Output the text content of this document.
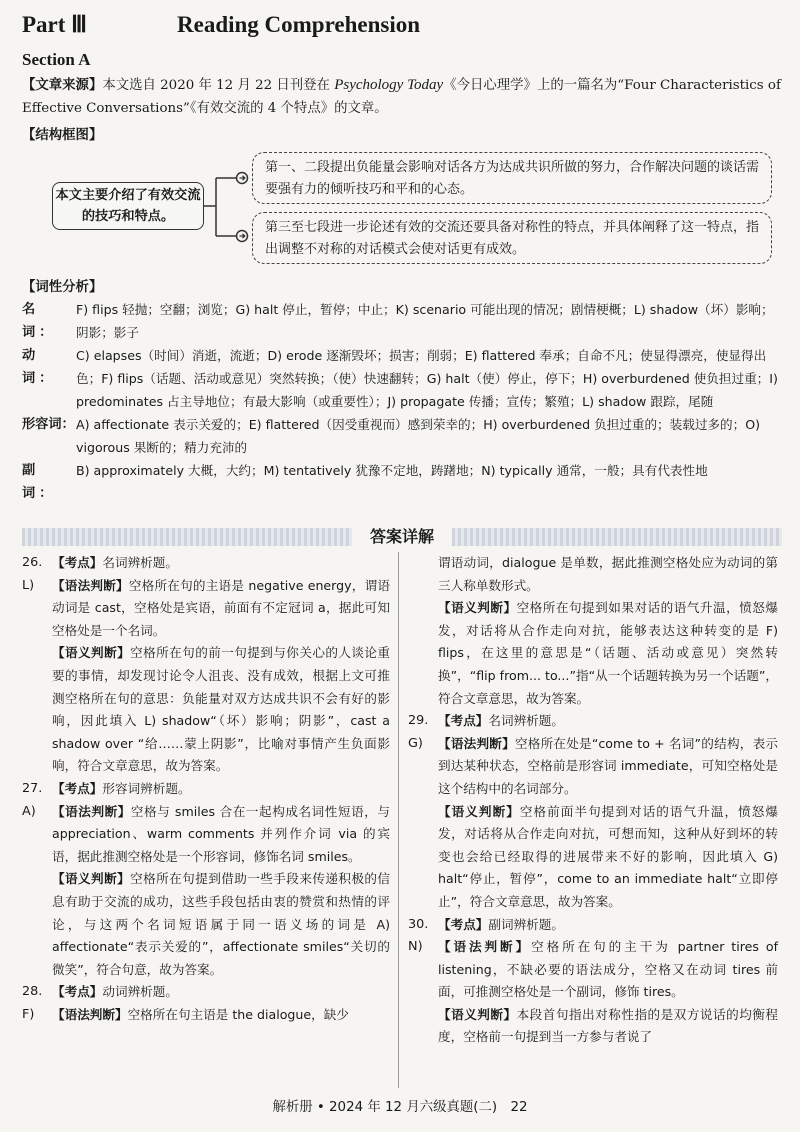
Part Ⅲ	Reading Comprehension
Section A
【文章来源】本文选自 2020 年 12 月 22 日刊登在 Psychology Today《今日心理学》上的一篇名为“Four Characteristics of Effective Conversations”《有效交流的 4 个特点》的文章。
【结构框图】
本文主要介绍了有效交流的技巧和特点。
第一、二段提出负能量会影响对话各方为达成共识所做的努力，合作解决问题的谈话需要强有力的倾听技巧和平和的心态。
第三至七段进一步论述有效的交流还要具备对称性的特点，并具体阐释了这一特点，指出调整不对称的对话模式会使对话更有成效。
【词性分析】
名　词：
F) flips 轻抛；空翻；浏览；G) halt 停止，暂停；中止；K) scenario 可能出现的情况；剧情梗概；L) shadow（坏）影响；阴影；影子
动　词：
C) elapses（时间）消逝，流逝；D) erode 逐渐毁坏；损害；削弱；E) flattered 奉承；自命不凡；使显得漂亮，使显得出色；F) flips（话题、活动或意见）突然转换；（使）快速翻转；G) halt（使）停止，停下；H) overburdened 使负担过重；I) predominates 占主导地位；有最大影响（或重要性）；J) propagate 传播；宣传；繁殖；L) shadow 跟踪，尾随
形容词： A) affectionate 表示关爱的；E) flattered（因受重视而）感到荣幸的；H) overburdened 负担过重的；装载过多的；O) vigorous 果断的；精力充沛的
副　词：
B) approximately 大概，大约；M) tentatively 犹豫不定地，踌躇地；N) typically 通常，一般；具有代表性地
答案详解
26. 【考点】名词辨析题。
L)	【语法判断】空格所在句的主语是 negative energy，谓语动词是 cast，空格处是宾语，前面有不定冠词 a，据此可知空格处是一个名词。
【语义判断】空格所在句的前一句提到与你关心的人谈论重要的事情，却发现讨论令人沮丧、没有成效，根据上文可推测空格所在句的意思：负能量对双方达成共识不会有好的影响，因此填入 L) shadow“（坏）影响；阴影”，cast a shadow over “给……蒙上阴影”，比喻对事情产生负面影响，符合文章意思，故为答案。
27. 【考点】形容词辨析题。
A)	【语法判断】空格与 smiles 合在一起构成名词性短语，与 appreciation、warm comments 并列作介词 via 的宾语，据此推测空格处是一个形容词，修饰名词 smiles。
【语义判断】空格所在句提到借助一些手段来传递积极的信息有助于交流的成功，这些手段包括由衷的赞赏和热情的评论，与这两个名词短语属于同一语义场的词是 A) affectionate“表示关爱的”，affectionate smiles“关切的微笑”，符合句意，故为答案。
28. 【考点】动词辨析题。
F)	【语法判断】空格所在句主语是 the dialogue，缺少
谓语动词，dialogue 是单数，据此推测空格处应为动词的第三人称单数形式。
【语义判断】空格所在句提到如果对话的语气升温，愤怒爆发，对话将从合作走向对抗，能够表达这种转变的是 F) flips，在这里的意思是“（话题、活动或意见）突然转换”，“flip from... to...”指“从一个话题转换为另一个话题”，符合文章意思，故为答案。
29. 【考点】名词辨析题。
G)	【语法判断】空格所在处是“come to + 名词”的结构，表示到达某种状态，空格前是形容词 immediate，可知空格处是这个结构中的名词部分。
【语义判断】空格前面半句提到对话的语气升温，愤怒爆发，对话将从合作走向对抗，可想而知，这种从好到坏的转变也会给已经取得的进展带来不好的影响，因此填入 G) halt“停止，暂停”，come to an immediate halt“立即停止”，符合文章意思，故为答案。
30. 【考点】副词辨析题。
N)	【语法判断】空格所在句的主干为 partner tires of listening，不缺必要的语法成分，空格又在动词 tires 前面，可推测空格处是一个副词，修饰 tires。
【语义判断】本段首句指出对称性指的是双方说话的均衡程度，空格前一句提到当一方参与者说了
解析册 • 2024 年 12 月六级真题(二)　22
